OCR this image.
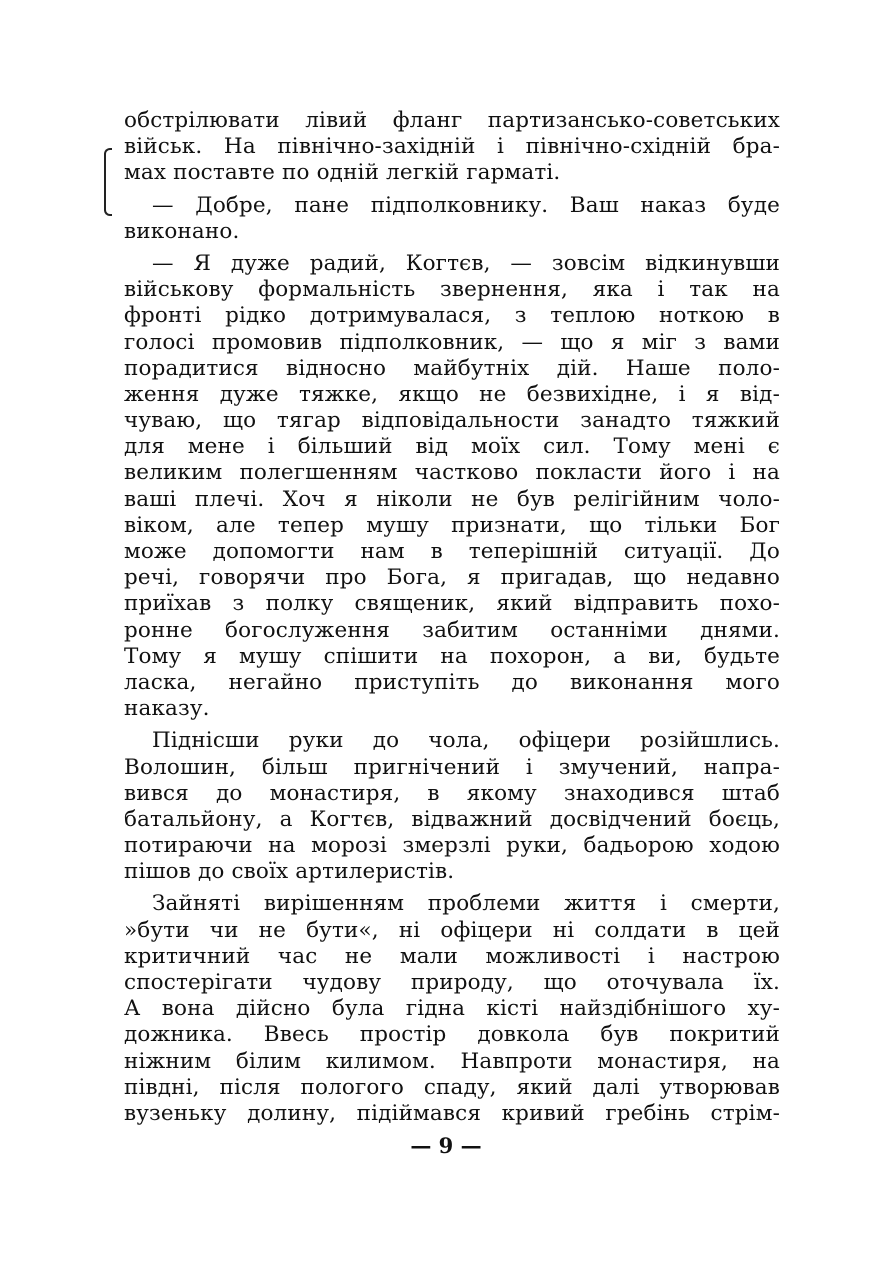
обстрілювати лівий фланг партизансько-советських
військ. На північно-західній і північно-східній бра-
мах поставте по одній легкій гарматі.
— Добре, пане підполковнику. Ваш наказ буде
виконано.
— Я дуже радий, Когтєв, — зовсім відкинувши
військову формальність звернення, яка і так на
фронті рідко дотримувалася, з теплою ноткою в
голосі промовив підполковник, — що я міг з вами
порадитися відносно майбутніх дій. Наше поло-
ження дуже тяжке, якщо не безвихідне, і я від-
чуваю, що тягар відповідальности занадто тяжкий
для мене і більший від моїх сил. Тому мені є
великим полегшенням частково покласти його і на
ваші плечі. Хоч я ніколи не був релігійним чоло-
віком, але тепер мушу признати, що тільки Бог
може допомогти нам в теперішній ситуації. До
речі, говорячи про Бога, я пригадав, що недавно
приїхав з полку священик, який відправить похо-
ронне богослуження забитим останніми днями.
Тому я мушу спішити на похорон, а ви, будьте
ласка, негайно приступіть до виконання мого
наказу.
Піднісши руки до чола, офіцери розійшлись.
Волошин, більш пригнічений і змучений, напра-
вився до монастиря, в якому знаходився штаб
батальйону, а Когтєв, відважний досвідчений боєць,
потираючи на морозі змерзлі руки, бадьорою ходою
пішов до своїх артилеристів.
Зайняті вирішенням проблеми життя і смерти,
»бути чи не бути«, ні офіцери ні солдати в цей
критичний час не мали можливості і настрою
спостерігати чудову природу, що оточувала їх.
А вона дійсно була гідна кісті найздібнішого ху-
дожника. Ввесь простір довкола був покритий
ніжним білим килимом. Навпроти монастиря, на
півдні, після пологого спаду, який далі утворював
вузеньку долину, підіймався кривий гребінь стрім-
— 9 —
